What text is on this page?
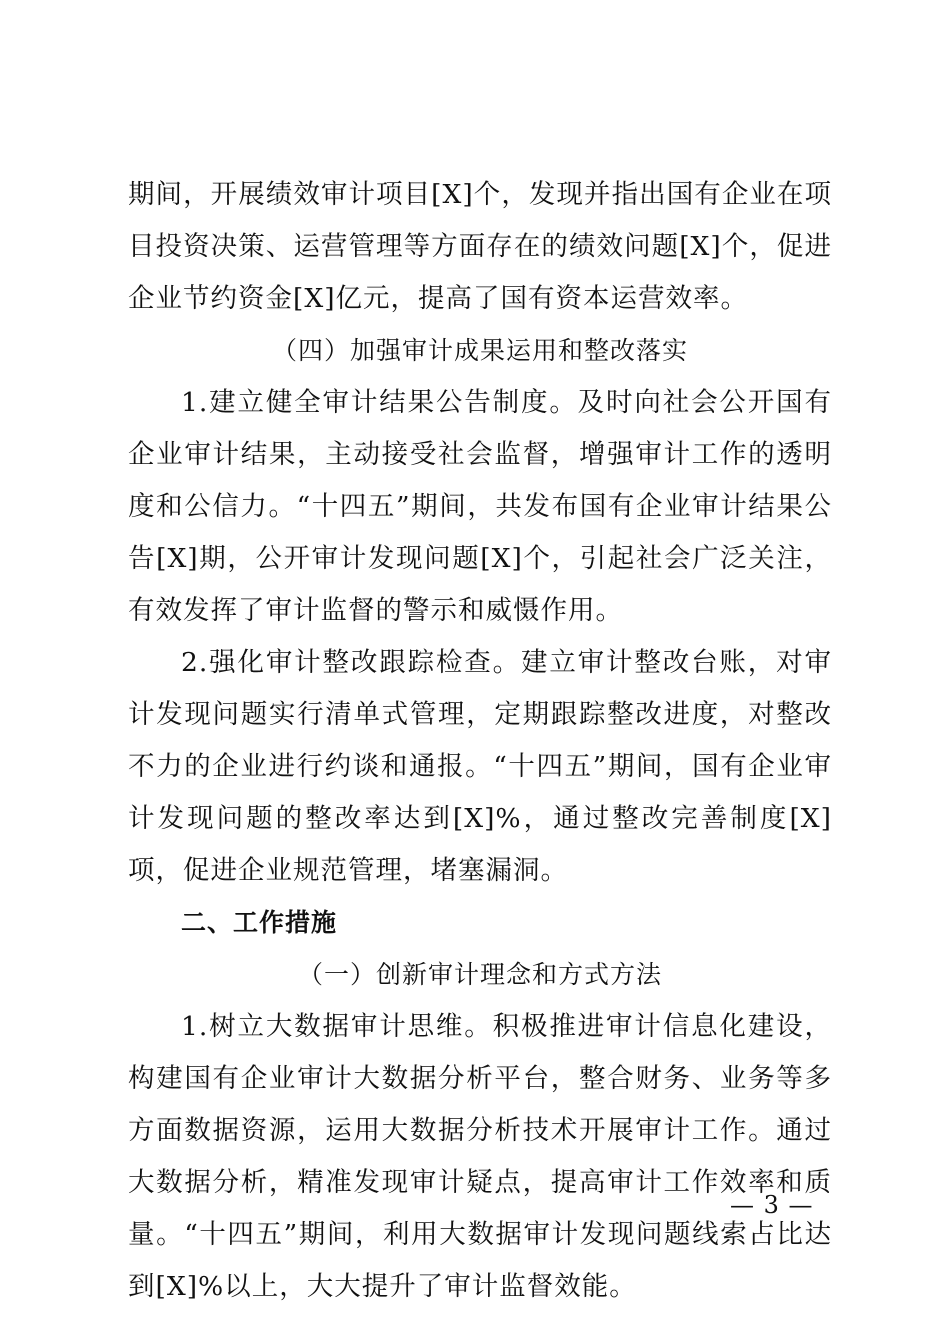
期间，开展绩效审计项目[X]个，发现并指出国有企业在项目投资决策、运营管理等方面存在的绩效问题[X]个，促进企业节约资金[X]亿元，提高了国有资本运营效率。

（四）加强审计成果运用和整改落实

1.建立健全审计结果公告制度。及时向社会公开国有企业审计结果，主动接受社会监督，增强审计工作的透明度和公信力。“十四五”期间，共发布国有企业审计结果公告[X]期，公开审计发现问题[X]个，引起社会广泛关注，有效发挥了审计监督的警示和威慑作用。

2.强化审计整改跟踪检查。建立审计整改台账，对审计发现问题实行清单式管理，定期跟踪整改进度，对整改不力的企业进行约谈和通报。“十四五”期间，国有企业审计发现问题的整改率达到[X]%，通过整改完善制度[X]项，促进企业规范管理，堵塞漏洞。

二、工作措施

（一）创新审计理念和方式方法

1.树立大数据审计思维。积极推进审计信息化建设，构建国有企业审计大数据分析平台，整合财务、业务等多方面数据资源，运用大数据分析技术开展审计工作。通过大数据分析，精准发现审计疑点，提高审计工作效率和质量。“十四五”期间，利用大数据审计发现问题线索占比达到[X]%以上，大大提升了审计监督效能。

— 3 —
